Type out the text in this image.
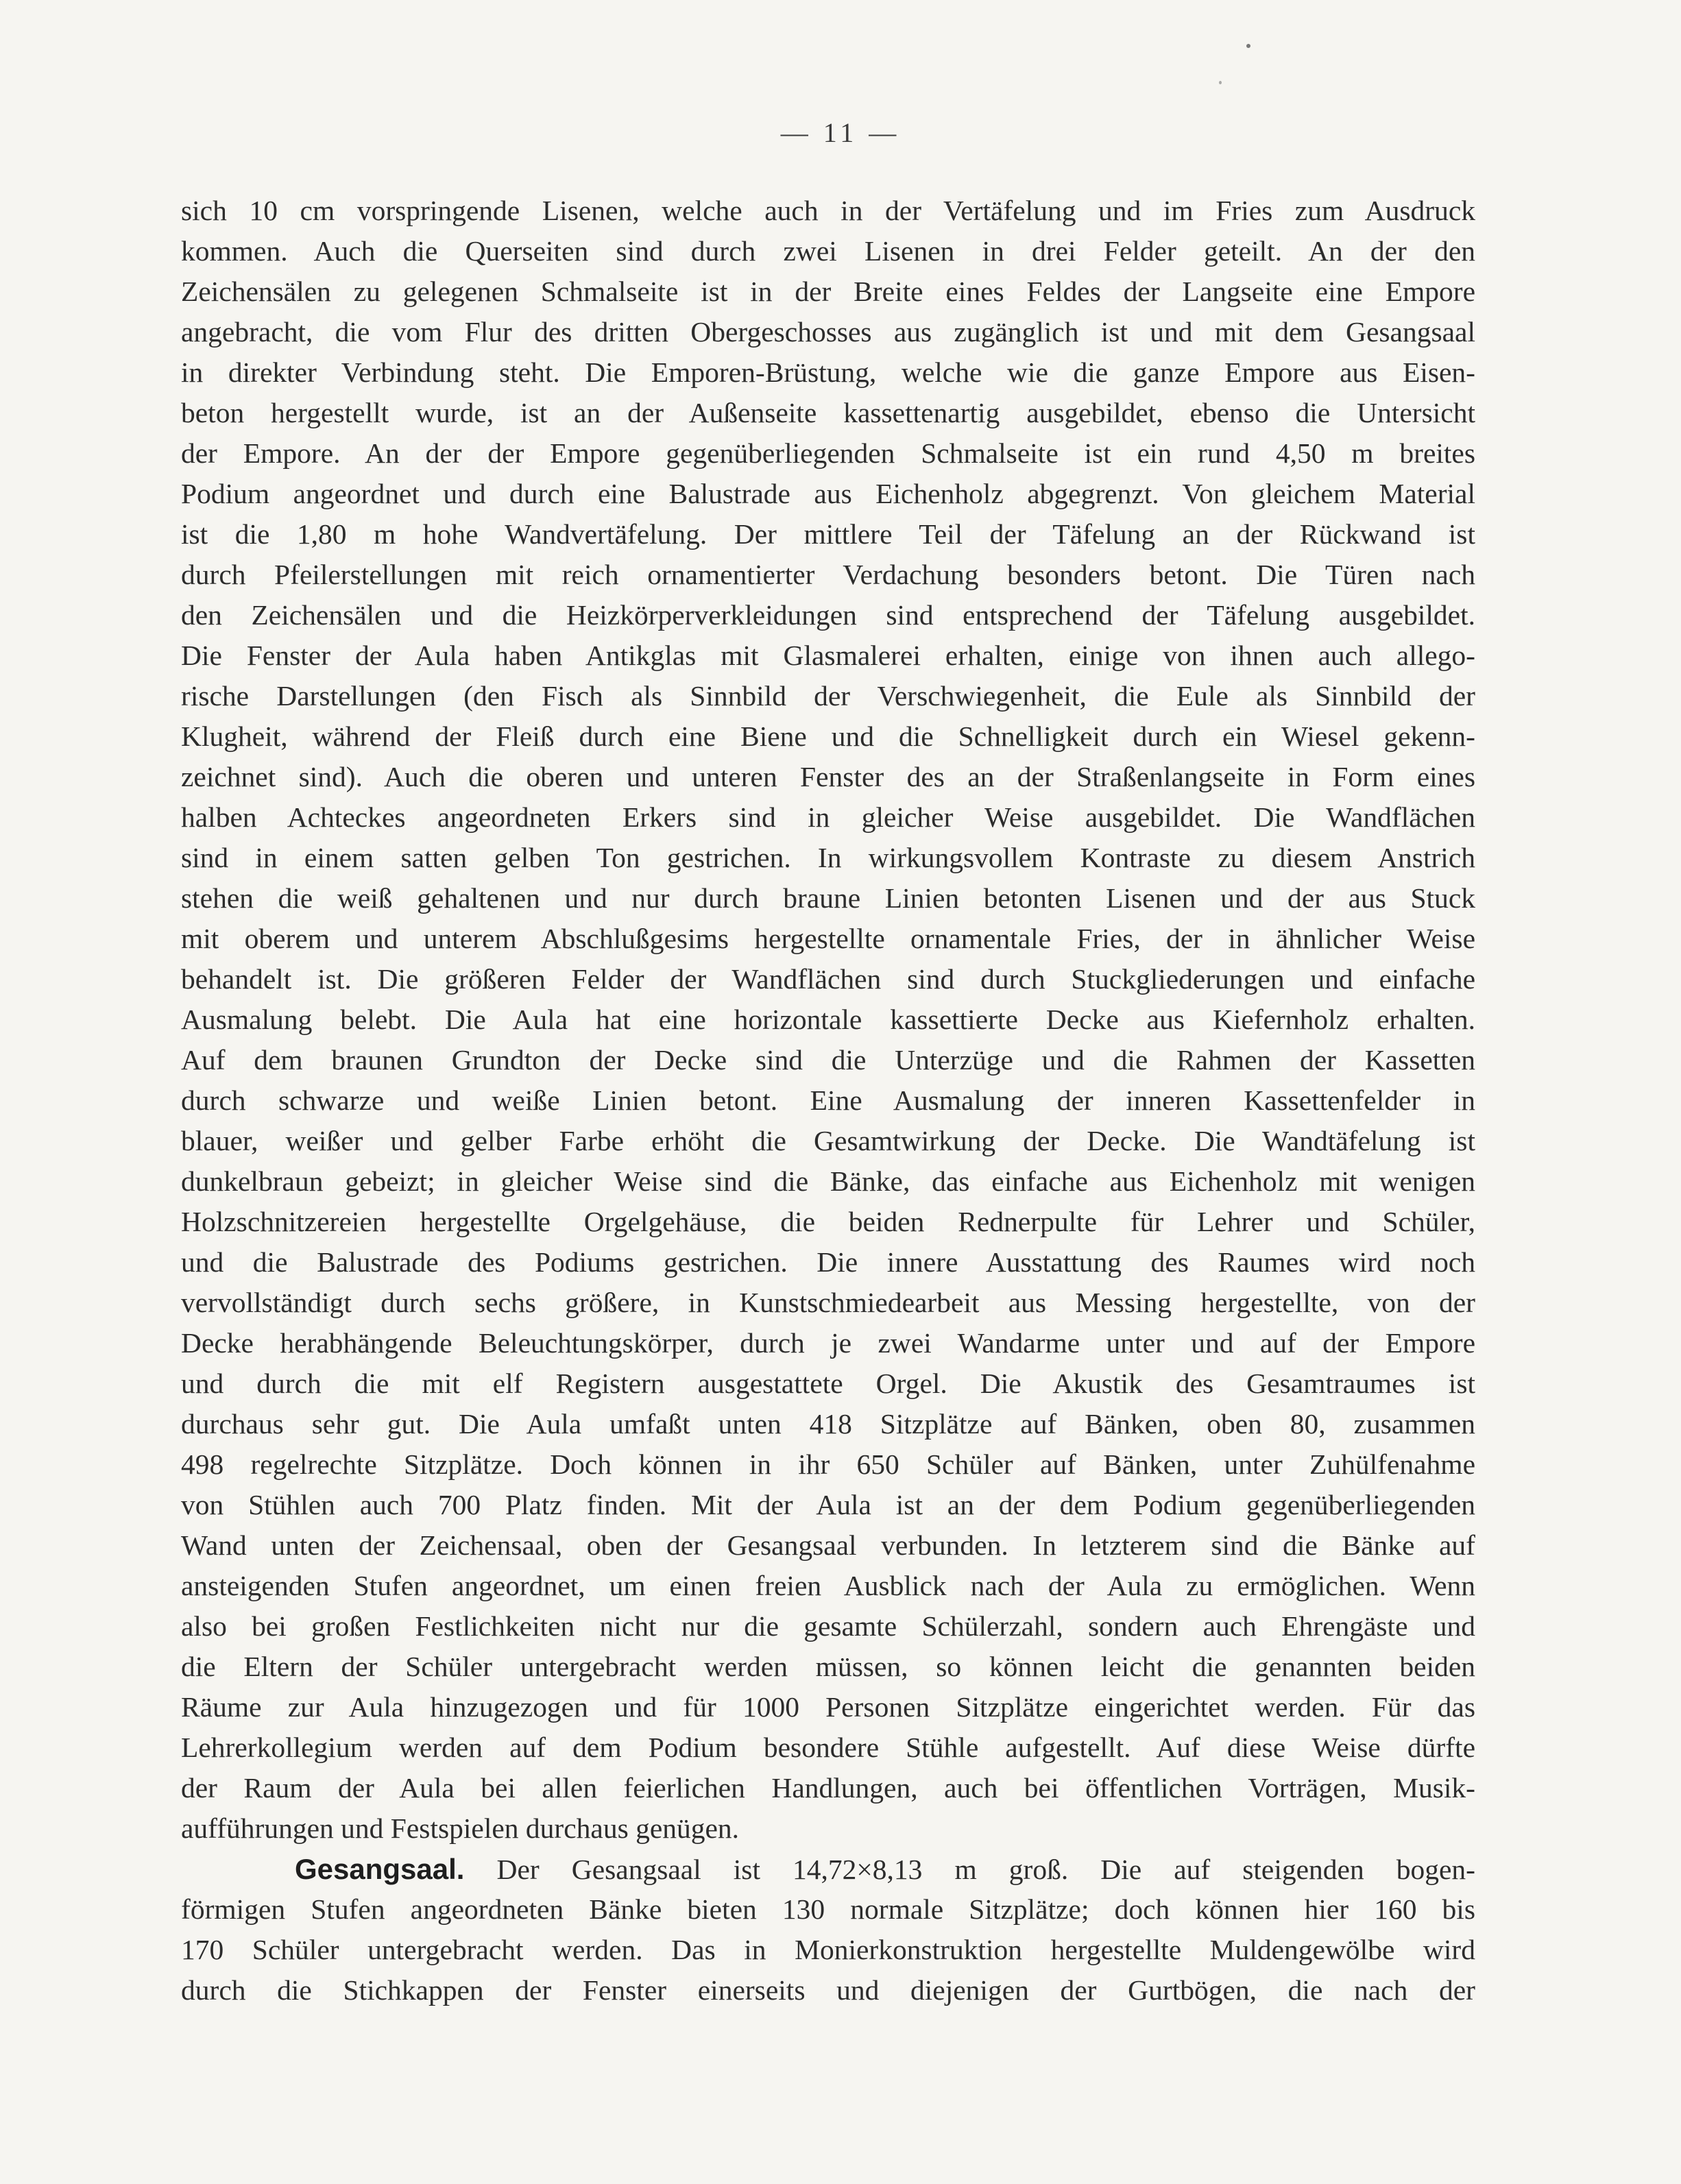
— 11 —
sich 10 cm vorspringende Lisenen, welche auch in der Vertäfelung und im Fries zum Ausdruck
kommen. Auch die Querseiten sind durch zwei Lisenen in drei Felder geteilt. An der den
Zeichensälen zu gelegenen Schmalseite ist in der Breite eines Feldes der Langseite eine Empore
angebracht, die vom Flur des dritten Obergeschosses aus zugänglich ist und mit dem Gesangsaal
in direkter Verbindung steht. Die Emporen-Brüstung, welche wie die ganze Empore aus Eisen-
beton hergestellt wurde, ist an der Außenseite kassettenartig ausgebildet, ebenso die Untersicht
der Empore. An der der Empore gegenüberliegenden Schmalseite ist ein rund 4,50 m breites
Podium angeordnet und durch eine Balustrade aus Eichenholz abgegrenzt. Von gleichem Material
ist die 1,80 m hohe Wandvertäfelung. Der mittlere Teil der Täfelung an der Rückwand ist
durch Pfeilerstellungen mit reich ornamentierter Verdachung besonders betont. Die Türen nach
den Zeichensälen und die Heizkörperverkleidungen sind entsprechend der Täfelung ausgebildet.
Die Fenster der Aula haben Antikglas mit Glasmalerei erhalten, einige von ihnen auch allego-
rische Darstellungen (den Fisch als Sinnbild der Verschwiegenheit, die Eule als Sinnbild der
Klugheit, während der Fleiß durch eine Biene und die Schnelligkeit durch ein Wiesel gekenn-
zeichnet sind). Auch die oberen und unteren Fenster des an der Straßenlangseite in Form eines
halben Achteckes angeordneten Erkers sind in gleicher Weise ausgebildet. Die Wandflächen
sind in einem satten gelben Ton gestrichen. In wirkungsvollem Kontraste zu diesem Anstrich
stehen die weiß gehaltenen und nur durch braune Linien betonten Lisenen und der aus Stuck
mit oberem und unterem Abschlußgesims hergestellte ornamentale Fries, der in ähnlicher Weise
behandelt ist. Die größeren Felder der Wandflächen sind durch Stuckgliederungen und einfache
Ausmalung belebt. Die Aula hat eine horizontale kassettierte Decke aus Kiefernholz erhalten.
Auf dem braunen Grundton der Decke sind die Unterzüge und die Rahmen der Kassetten
durch schwarze und weiße Linien betont. Eine Ausmalung der inneren Kassettenfelder in
blauer, weißer und gelber Farbe erhöht die Gesamtwirkung der Decke. Die Wandtäfelung ist
dunkelbraun gebeizt; in gleicher Weise sind die Bänke, das einfache aus Eichenholz mit wenigen
Holzschnitzereien hergestellte Orgelgehäuse, die beiden Rednerpulte für Lehrer und Schüler,
und die Balustrade des Podiums gestrichen. Die innere Ausstattung des Raumes wird noch
vervollständigt durch sechs größere, in Kunstschmiedearbeit aus Messing hergestellte, von der
Decke herabhängende Beleuchtungskörper, durch je zwei Wandarme unter und auf der Empore
und durch die mit elf Registern ausgestattete Orgel. Die Akustik des Gesamtraumes ist
durchaus sehr gut. Die Aula umfaßt unten 418 Sitzplätze auf Bänken, oben 80, zusammen
498 regelrechte Sitzplätze. Doch können in ihr 650 Schüler auf Bänken, unter Zuhülfenahme
von Stühlen auch 700 Platz finden. Mit der Aula ist an der dem Podium gegenüberliegenden
Wand unten der Zeichensaal, oben der Gesangsaal verbunden. In letzterem sind die Bänke auf
ansteigenden Stufen angeordnet, um einen freien Ausblick nach der Aula zu ermöglichen. Wenn
also bei großen Festlichkeiten nicht nur die gesamte Schülerzahl, sondern auch Ehrengäste und
die Eltern der Schüler untergebracht werden müssen, so können leicht die genannten beiden
Räume zur Aula hinzugezogen und für 1000 Personen Sitzplätze eingerichtet werden. Für das
Lehrerkollegium werden auf dem Podium besondere Stühle aufgestellt. Auf diese Weise dürfte
der Raum der Aula bei allen feierlichen Handlungen, auch bei öffentlichen Vorträgen, Musik-
aufführungen und Festspielen durchaus genügen.
Gesangsaal. Der Gesangsaal ist 14,72×8,13 m groß. Die auf steigenden bogen-
förmigen Stufen angeordneten Bänke bieten 130 normale Sitzplätze; doch können hier 160 bis
170 Schüler untergebracht werden. Das in Monierkonstruktion hergestellte Muldengewölbe wird
durch die Stichkappen der Fenster einerseits und diejenigen der Gurtbögen, die nach der
